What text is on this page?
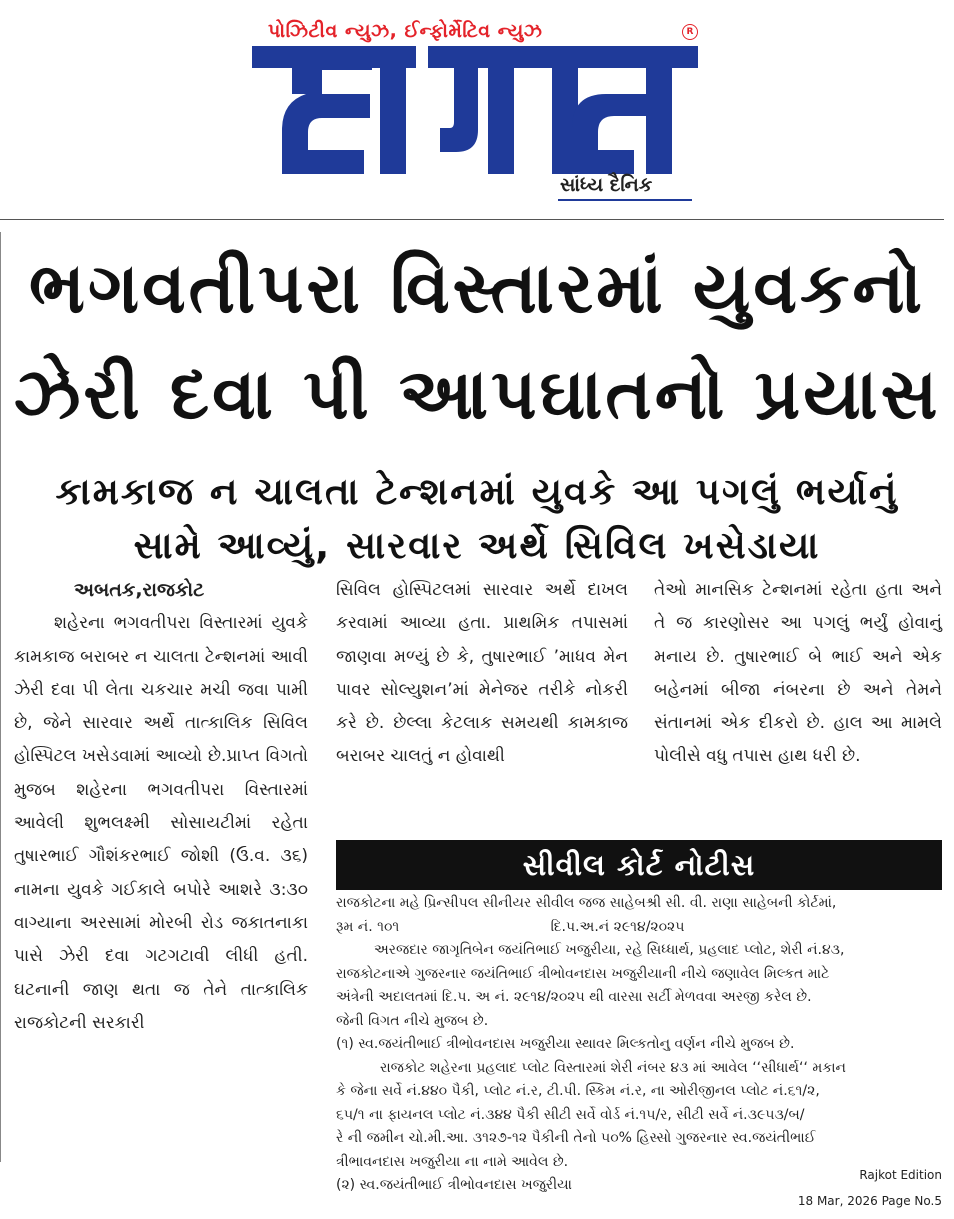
પોઝિટીવ ન્યુઝ, ઈન્ફોર્મેટિવ ન્યુઝ	R
સાંધ્ય દૈનિક
ભગવતીપરા વિસ્તારમાં યુવકનો
ઝેરી દવા પી આપઘાતનો પ્રયાસ
કામકાજ ન ચાલતા ટેન્શનમાં યુવકે આ પગલું ભર્યાનું
સામે આવ્યું, સારવાર અર્થે સિવિલ ખસેડાયા
અબતક,રાજકોટ
શહેરના ભગવતીપરા વિસ્તારમાં યુવકે કામકાજ બરાબર ન ચાલતા ટેન્શનમાં આવી ઝેરી દવા પી લેતા ચકચાર મચી જવા પામી છે, જેને સારવાર અર્થે તાત્કાલિક સિવિલ હોસ્પિટલ ખસેડવામાં આવ્યો છે.પ્રાપ્ત વિગતો મુજબ શહેરના ભગવતીપરા વિસ્તારમાં આવેલી શુભલક્ષ્મી સોસાયટીમાં રહેતા તુષારભાઈ ગૌશંકરભાઈ જોશી (ઉ.વ. ૩૬) નામના યુવકે ગઈકાલે બપોરે આશરે ૩:૩૦ વાગ્યાના અરસામાં મોરબી રોડ જકાતનાકા પાસે ઝેરી દવા ગટગટાવી લીધી હતી. ઘટનાની જાણ થતા જ તેને તાત્કાલિક રાજકોટની સરકારી
સિવિલ હોસ્પિટલમાં સારવાર અર્થે દાખલ કરવામાં આવ્યા હતા. પ્રાથમિક તપાસમાં જાણવા મળ્યું છે કે, તુષારભાઈ ’માધવ મેન પાવર સોલ્યુશન’માં મેનેજર તરીકે નોકરી કરે છે. છેલ્લા કેટલાક સમયથી કામકાજ બરાબર ચાલતું ન હોવાથી
તેઓ માનસિક ટેન્શનમાં રહેતા હતા અને તે જ કારણોસર આ પગલું ભર્યું હોવાનું મનાય છે. તુષારભાઈ બે ભાઈ અને એક બહેનમાં બીજા નંબરના છે અને તેમને સંતાનમાં એક દીકરો છે. હાલ આ મામલે પોલીસે વધુ તપાસ હાથ ધરી છે.
સીવીલ કોર્ટ નોટીસ
રાજકોટના મહે પ્રિન્સીપલ સીનીયર સીવીલ જજ સાહેબશ્રી સી. વી. રાણા સાહેબની કોર્ટમાં,
રૂમ નં. ૧૦૧                                  દિ.પ.અ.નં ૨૯૧૪/૨૦૨૫
અરજદાર જાગૃતિબેન જયંતિભાઈ ખજુરીયા, રહે સિધ્ધાર્થ, પ્રહલાદ પ્લોટ, શેરી નં.૪૩,
રાજકોટનાએ ગુજરનાર જયંતિભાઈ ત્રીભોવનદાસ ખજુરીયાની નીચે જણાવેલ મિલ્કત માટે
અંત્રેની અદાલતમાં દિ.પ. અ નં. ૨૯૧૪/૨૦૨૫ થી વારસા સર્ટી મેળવવા અરજી કરેલ છે.
જેની વિગત નીચે મુજબ છે.
(૧) સ્વ.જયંતીભાઈ ત્રીભોવનદાસ ખજુરીયા સ્થાવર મિલ્કતોનુ વર્ણન નીચે મુજબ છે.
રાજકોટ શહેરના પ્રહલાદ પ્લોટ વિસ્તારમાં શેરી નંબર ૪૩ માં આવેલ ‘‘સીધાર્થ‘‘ મકાન
કે જેના સર્વે નં.૪૪૦ પૈકી, પ્લોટ નં.ર, ટી.પી. સ્કિમ નં.ર, ના ઓરીજીનલ પ્લોટ નં.૬૧/૨,
૬૫/૧ ના ફાયનલ પ્લોટ નં.૩૪૪ પૈકી સીટી સર્વે વોર્ડ નં.૧૫/ર, સીટી સર્વે નં.૩૯૫૩/બ/
રે ની જમીન ચો.મી.આ. ૩૧૨૭-૧૨ પૈકીની તેનો ૫૦% હિસ્સો ગુજરનાર સ્વ.જયંતીભાઈ
ત્રીભાવનદાસ ખજુરીયા ના નામે આવેલ છે.
(૨) સ્વ.જયંતીભાઈ ત્રીભોવનદાસ ખજુરીયા
Rajkot Edition
18 Mar, 2026 Page No.5
